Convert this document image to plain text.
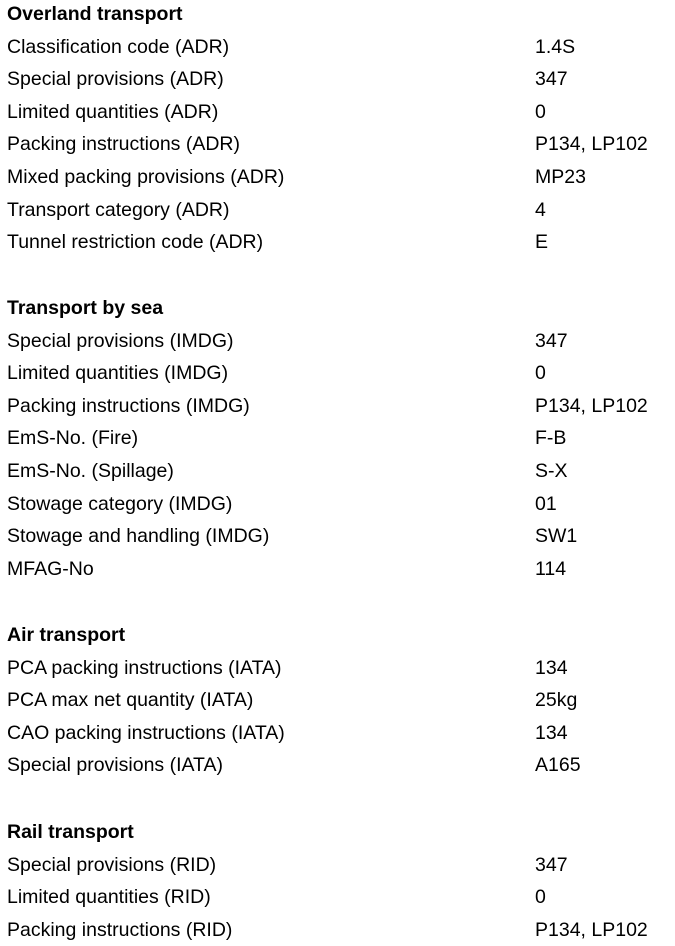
Overland transport
Classification code (ADR)	1.4S
Special provisions (ADR)	347
Limited quantities (ADR)	0
Packing instructions (ADR)	P134, LP102
Mixed packing provisions (ADR)	MP23
Transport category (ADR)	4
Tunnel restriction code (ADR)	E
Transport by sea
Special provisions (IMDG)	347
Limited quantities (IMDG)	0
Packing instructions (IMDG)	P134, LP102
EmS-No. (Fire)	F-B
EmS-No. (Spillage)	S-X
Stowage category (IMDG)	01
Stowage and handling (IMDG)	SW1
MFAG-No	114
Air transport
PCA packing instructions (IATA)	134
PCA max net quantity (IATA)	25kg
CAO packing instructions (IATA)	134
Special provisions (IATA)	A165
Rail transport
Special provisions (RID)	347
Limited quantities (RID)	0
Packing instructions (RID)	P134, LP102
